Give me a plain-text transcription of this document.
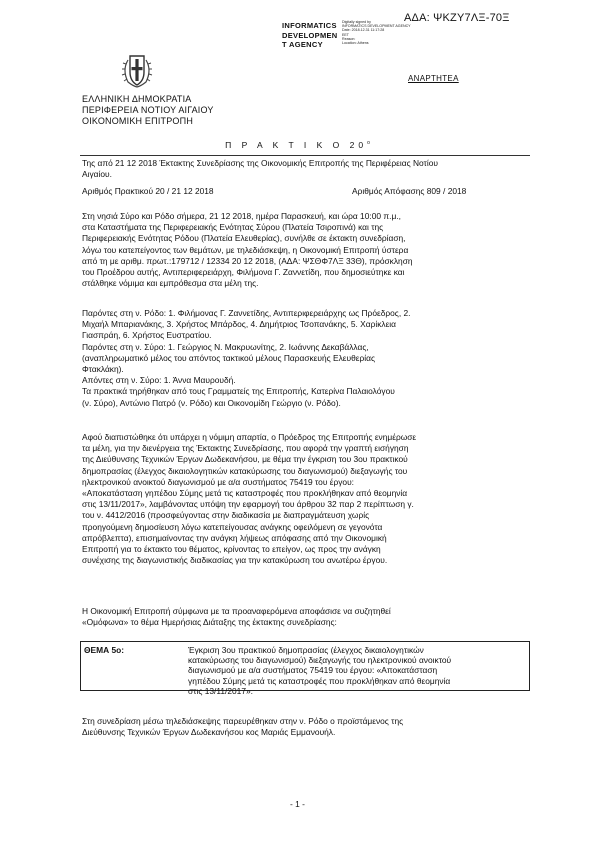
ΑΔΑ: ΨΚΖΥ7ΛΞ-70Ξ
INFORMATICS
DEVELOPMEN
T AGENCY
Digitally signed by
INFORMATICS DEVELOPMENT AGENCY
Date: 2018.12.31 11:17:28
EET
Reason:
Location: Athens
ΑΝΑΡΤΗΤΕΑ
ΕΛΛΗΝΙΚΗ ΔΗΜΟΚΡΑΤΙΑ
ΠΕΡΙΦΕΡΕΙΑ ΝΟΤΙΟΥ ΑΙΓΑΙΟΥ
ΟΙΚΟΝΟΜΙΚΗ ΕΠΙΤΡΟΠΗ
Π Ρ Α Κ Τ Ι Κ Ο $20^o$
Της από 21 12 2018 Έκτακτης Συνεδρίασης της Οικονομικής Επιτροπής της Περιφέρειας Νοτίου
Αιγαίου.
Αριθμός Πρακτικού 20 / 21 12 2018	Αριθμός Απόφασης 809 / 2018
Στη νησιά Σύρο και Ρόδο σήμερα, 21 12 2018, ημέρα Παρασκευή, και ώρα 10:00 π.μ.,
στα Καταστήματα της Περιφερειακής Ενότητας Σύρου (Πλατεία Τσιροπινά) και της
Περιφερειακής Ενότητας Ρόδου (Πλατεία Ελευθερίας), συνήλθε σε έκτακτη συνεδρίαση,
λόγω του κατεπείγοντος των θεμάτων, με τηλεδιάσκεψη, η Οικονομική Επιτροπή ύστερα
από τη με αριθμ. πρωτ.:179712 / 12334 20 12 2018, (ΑΔΑ: ΨΣΘΦ7ΛΞ 33Θ), πρόσκληση
του Προέδρου αυτής, Αντιπεριφερειάρχη, Φιλήμονα Γ. Ζαννετίδη, που δημοσιεύτηκε και
στάλθηκε νόμιμα και εμπρόθεσμα στα μέλη της.
Παρόντες στη ν. Ρόδο: 1. Φιλήμονας Γ. Ζαννετίδης, Αντιπεριφερειάρχης ως Πρόεδρος, 2.
Μιχαήλ Μπαριανάκης, 3. Χρήστος Μπάρδος, 4. Δημήτριος Τσοπανάκης, 5. Χαρίκλεια
Γιασπράη, 6. Χρήστος Ευστρατίου.
Παρόντες στη ν. Σύρο: 1. Γεώργιος Ν. Μακρυωνίτης, 2. Ιωάννης Δεκαβάλλας,
(αναπληρωματικό μέλος του απόντος τακτικού μέλους Παρασκευής Ελευθερίας
Φτακλάκη).
Απόντες στη ν. Σύρο: 1. Άννα Μαυρουδή.
Τα πρακτικά τηρήθηκαν από τους Γραμματείς της Επιτροπής, Κατερίνα Παλαιολόγου
(ν. Σύρο), Αντώνιο Πατρό (ν. Ρόδο) και Οικονομίδη Γεώργιο (ν. Ρόδο).
Αφού διαπιστώθηκε ότι υπάρχει η νόμιμη απαρτία, ο Πρόεδρος της Επιτροπής ενημέρωσε
τα μέλη, για την διενέργεια της Έκτακτης Συνεδρίασης, που αφορά την γραπτή εισήγηση
της Διεύθυνσης Τεχνικών Έργων Δωδεκανήσου, με θέμα την έγκριση του 3ου πρακτικού
δημοπρασίας (έλεγχος δικαιολογητικών κατακύρωσης του διαγωνισμού) διεξαγωγής του
ηλεκτρονικού ανοικτού διαγωνισμού με α/α συστήματος 75419 του έργου:
«Αποκατάσταση γηπέδου Σύμης μετά τις καταστροφές που προκλήθηκαν από θεομηνία
στις 13/11/2017», λαμβάνοντας υπόψη την εφαρμογή του άρθρου 32 παρ 2 περίπτωση γ.
του ν. 4412/2016 (προσφεύγοντας στην διαδικασία με διαπραγμάτευση χωρίς
προηγούμενη δημοσίευση λόγω κατεπείγουσας ανάγκης οφειλόμενη σε γεγονότα
απρόβλεπτα), επισημαίνοντας την ανάγκη λήψεως απόφασης από την Οικονομική
Επιτροπή για το έκτακτο του θέματος, κρίνοντας το επείγον, ως προς την ανάγκη
συνέχισης της διαγωνιστικής διαδικασίας για την κατακύρωση του ανωτέρω έργου.
Η Οικονομική Επιτροπή σύμφωνα με τα προαναφερόμενα αποφάσισε να συζητηθεί
«Ομόφωνα» το θέμα Ημερήσιας Διάταξης της έκτακτης συνεδρίασης:
ΘΕΜΑ 5ο:	Έγκριση 3ου πρακτικού δημοπρασίας (έλεγχος δικαιολογητικών
κατακύρωσης του διαγωνισμού) διεξαγωγής του ηλεκτρονικού ανοικτού
διαγωνισμού με α/α συστήματος 75419 του έργου: «Αποκατάσταση
γηπέδου Σύμης μετά τις καταστροφές που προκλήθηκαν από θεομηνία
στις 13/11/2017».
Στη συνεδρίαση μέσω τηλεδιάσκεψης παρευρέθηκαν στην ν. Ρόδο ο προϊστάμενος της
Διεύθυνσης Τεχνικών Έργων Δωδεκανήσου κος Μαριάς Εμμανουήλ.
- 1 -
